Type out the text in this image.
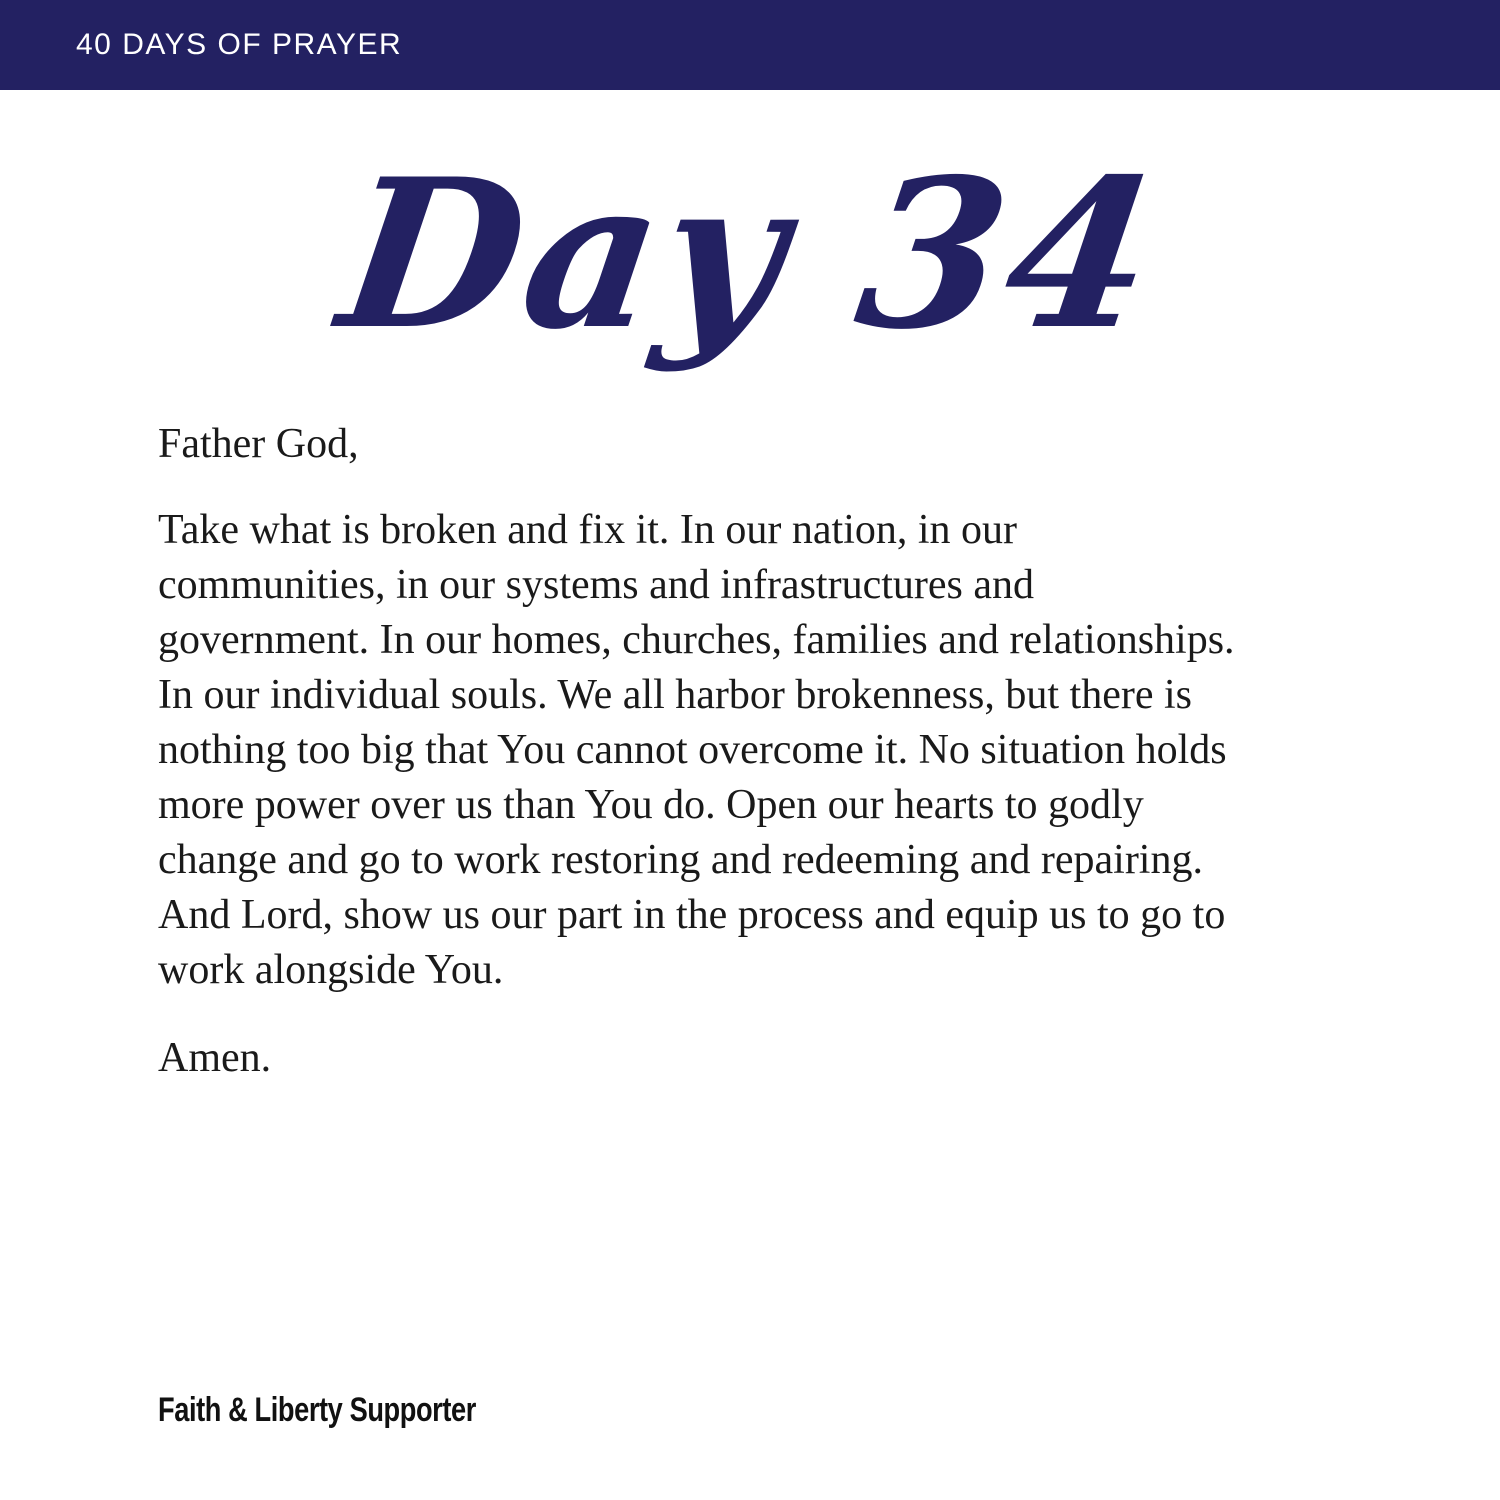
40 DAYS OF PRAYER
Day 34

Father God,

Take what is broken and fix it. In our nation, in our
communities, in our systems and infrastructures and
government. In our homes, churches, families and relationships.
In our individual souls. We all harbor brokenness, but there is
nothing too big that You cannot overcome it. No situation holds
more power over us than You do. Open our hearts to godly
change and go to work restoring and redeeming and repairing.
And Lord, show us our part in the process and equip us to go to
work alongside You.

Amen.

Faith & Liberty Supporter
